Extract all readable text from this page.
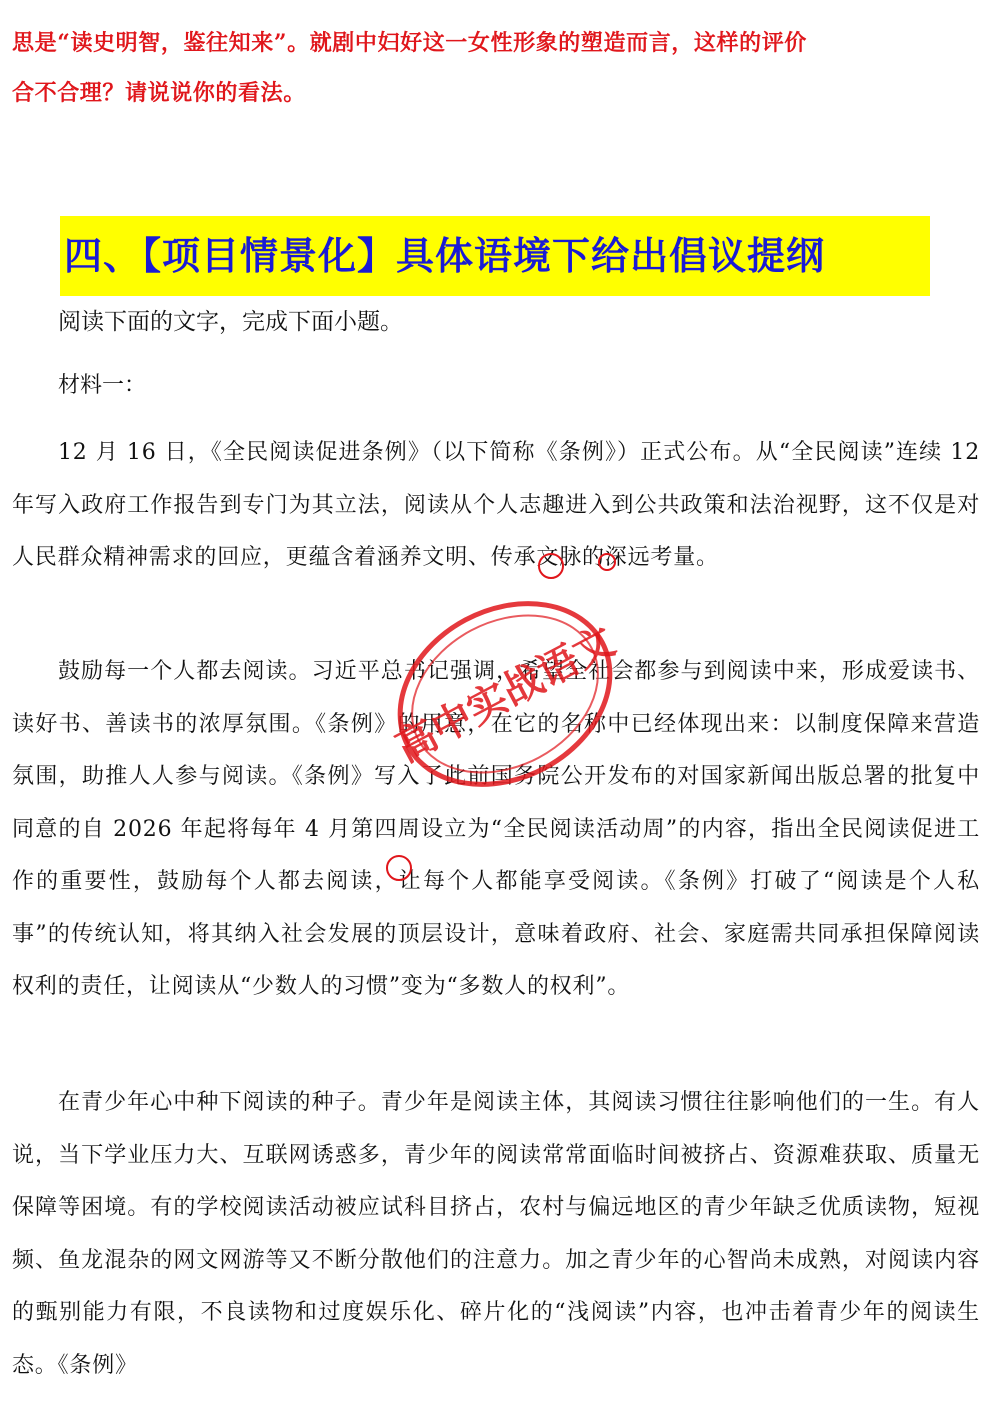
思是“读史明智，鉴往知来”。就剧中妇好这一女性形象的塑造而言，这样的评价
合不合理？请说说你的看法。
四、【项目情景化】具体语境下给出倡议提纲
阅读下面的文字，完成下面小题。
材料一：
12 月 16 日，《全民阅读促进条例》（以下简称《条例》）正式公布。从“全民阅读”连续 12 年写入政府工作报告到专门为其立法，阅读从个人志趣进入到公共政策和法治视野，这不仅是对人民群众精神需求的回应，更蕴含着涵养文明、传承文脉的深远考量。
鼓励每一个人都去阅读。习近平总书记强调，希望全社会都参与到阅读中来，形成爱读书、读好书、善读书的浓厚氛围。《条例》的用意，在它的名称中已经体现出来：以制度保障来营造氛围，助推人人参与阅读。《条例》写入了此前国务院公开发布的对国家新闻出版总署的批复中同意的自 2026 年起将每年 4 月第四周设立为“全民阅读活动周”的内容，指出全民阅读促进工作的重要性，鼓励每个人都去阅读，让每个人都能享受阅读。《条例》打破了“阅读是个人私事”的传统认知，将其纳入社会发展的顶层设计，意味着政府、社会、家庭需共同承担保障阅读权利的责任，让阅读从“少数人的习惯”变为“多数人的权利”。
在青少年心中种下阅读的种子。青少年是阅读主体，其阅读习惯往往影响他们的一生。有人说，当下学业压力大、互联网诱惑多，青少年的阅读常常面临时间被挤占、资源难获取、质量无保障等困境。有的学校阅读活动被应试科目挤占，农村与偏远地区的青少年缺乏优质读物，短视频、鱼龙混杂的网文网游等又不断分散他们的注意力。加之青少年的心智尚未成熟，对阅读内容的甄别能力有限，不良读物和过度娱乐化、碎片化的“浅阅读”内容，也冲击着青少年的阅读生态。《条例》
高中实战语文
